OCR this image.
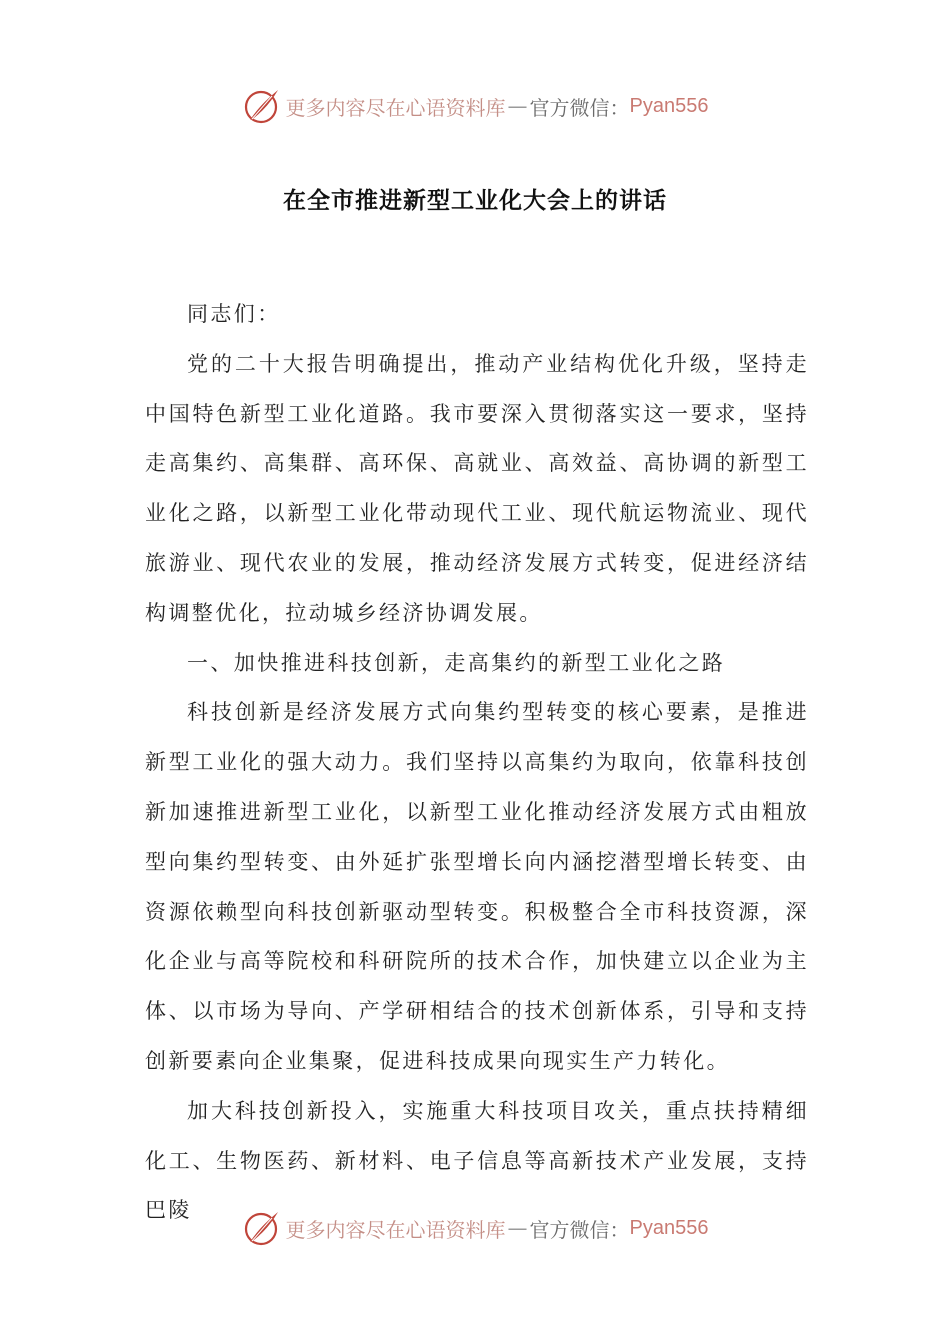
更多内容尽在心语资料库 — 官方微信： Pyan556
在全市推进新型工业化大会上的讲话

同志们：

党的二十大报告明确提出，推动产业结构优化升级，坚持走中国特色新型工业化道路。我市要深入贯彻落实这一要求，坚持走高集约、高集群、高环保、高就业、高效益、高协调的新型工业化之路，以新型工业化带动现代工业、现代航运物流业、现代旅游业、现代农业的发展，推动经济发展方式转变，促进经济结构调整优化，拉动城乡经济协调发展。

一、加快推进科技创新，走高集约的新型工业化之路

科技创新是经济发展方式向集约型转变的核心要素，是推进新型工业化的强大动力。我们坚持以高集约为取向，依靠科技创新加速推进新型工业化，以新型工业化推动经济发展方式由粗放型向集约型转变、由外延扩张型增长向内涵挖潜型增长转变、由资源依赖型向科技创新驱动型转变。积极整合全市科技资源，深化企业与高等院校和科研院所的技术合作，加快建立以企业为主体、以市场为导向、产学研相结合的技术创新体系，引导和支持创新要素向企业集聚，促进科技成果向现实生产力转化。

加大科技创新投入，实施重大科技项目攻关，重点扶持精细化工、生物医药、新材料、电子信息等高新技术产业发展，支持巴陵

更多内容尽在心语资料库 — 官方微信： Pyan556
